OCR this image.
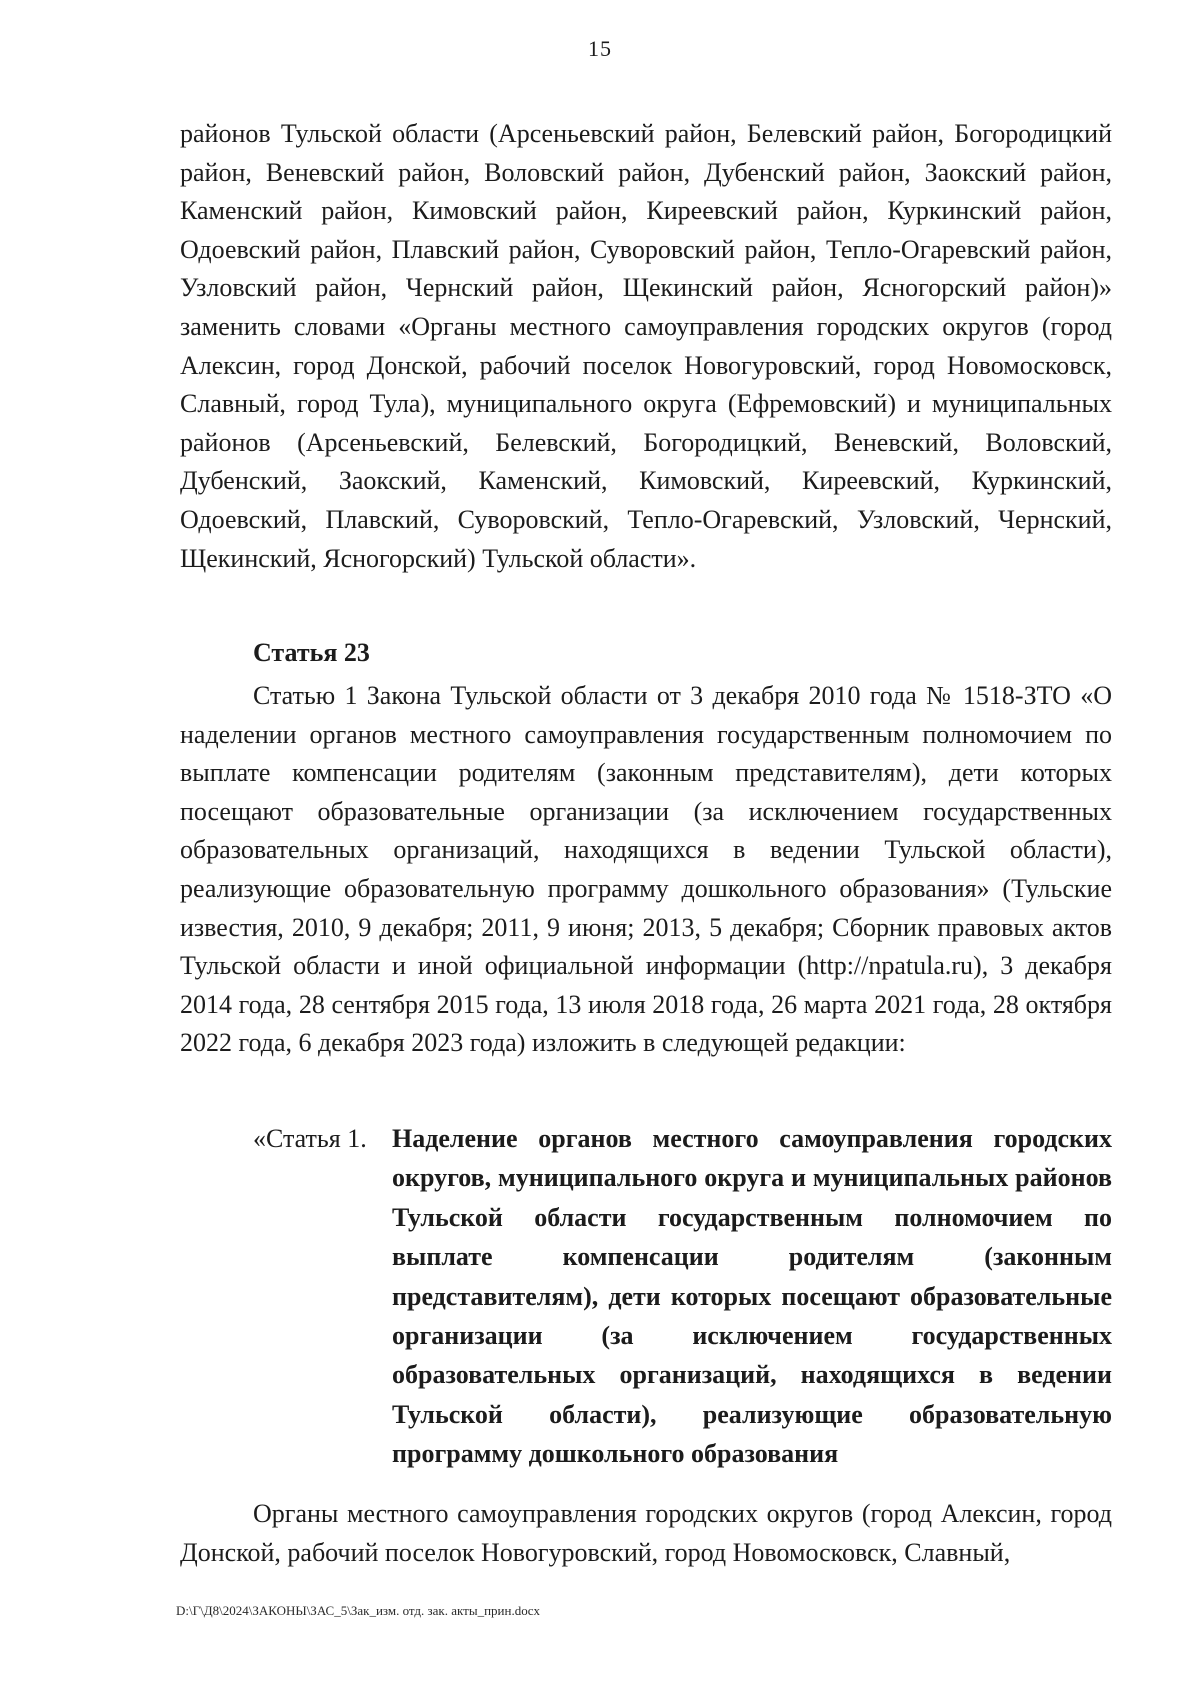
15

районов Тульской области (Арсеньевский район, Белевский район, Богородицкий район, Веневский район, Воловский район, Дубенский район, Заокский район, Каменский район, Кимовский район, Киреевский район, Куркинский район, Одоевский район, Плавский район, Суворовский район, Тепло-Огаревский район, Узловский район, Чернский район, Щекинский район, Ясногорский район)» заменить словами «Органы местного самоуправления городских округов (город Алексин, город Донской, рабочий поселок Новогуровский, город Новомосковск, Славный, город Тула), муниципального округа (Ефремовский) и муниципальных районов (Арсеньевский, Белевский, Богородицкий, Веневский, Воловский, Дубенский, Заокский, Каменский, Кимовский, Киреевский, Куркинский, Одоевский, Плавский, Суворовский, Тепло-Огаревский, Узловский, Чернский, Щекинский, Ясногорский) Тульской области».

Статья 23

Статью 1 Закона Тульской области от 3 декабря 2010 года № 1518-ЗТО «О наделении органов местного самоуправления государственным полномочием по выплате компенсации родителям (законным представителям), дети которых посещают образовательные организации (за исключением государственных образовательных организаций, находящихся в ведении Тульской области), реализующие образовательную программу дошкольного образования» (Тульские известия, 2010, 9 декабря; 2011, 9 июня; 2013, 5 декабря; Сборник правовых актов Тульской области и иной официальной информации (http://npatula.ru), 3 декабря 2014 года, 28 сентября 2015 года, 13 июля 2018 года, 26 марта 2021 года, 28 октября 2022 года, 6 декабря 2023 года) изложить в следующей редакции:

«Статья 1. Наделение органов местного самоуправления городских округов, муниципального округа и муниципальных районов Тульской области государственным полномочием по выплате компенсации родителям (законным представителям), дети которых посещают образовательные организации (за исключением государственных образовательных организаций, находящихся в ведении Тульской области), реализующие образовательную программу дошкольного образования

Органы местного самоуправления городских округов (город Алексин, город Донской, рабочий поселок Новогуровский, город Новомосковск, Славный,

D:\Г\Д8\2024\ЗАКОНЫ\ЗАС_5\Зак_изм. отд. зак. акты_прин.docx
